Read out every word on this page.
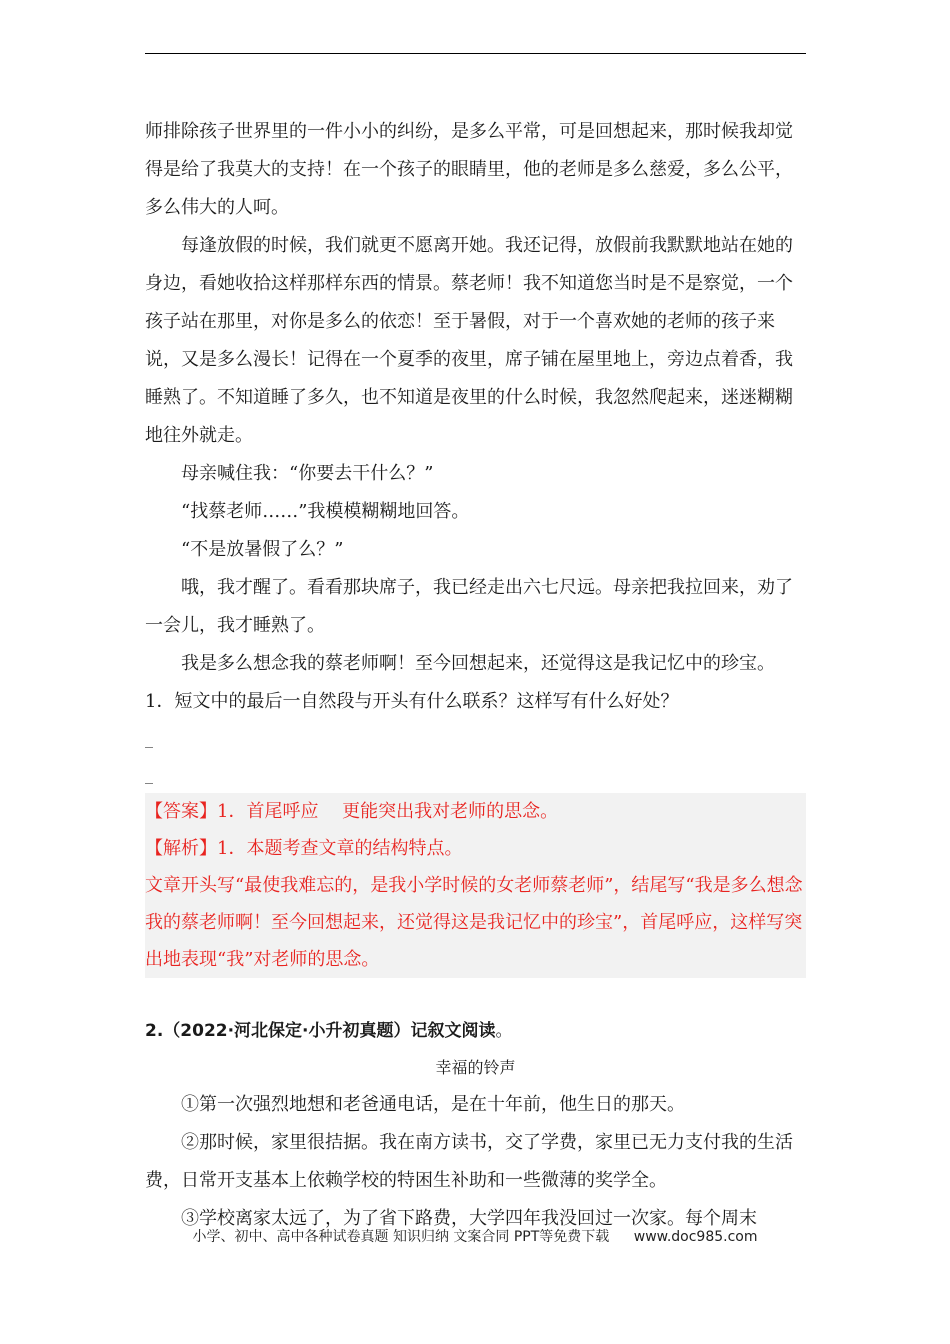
师排除孩子世界里的一件小小的纠纷，是多么平常，可是回想起来，那时候我却觉得是给了我莫大的支持！在一个孩子的眼睛里，他的老师是多么慈爱，多么公平，多么伟大的人呵。

每逢放假的时候，我们就更不愿离开她。我还记得，放假前我默默地站在她的身边，看她收拾这样那样东西的情景。蔡老师！我不知道您当时是不是察觉，一个孩子站在那里，对你是多么的依恋！至于暑假，对于一个喜欢她的老师的孩子来说，又是多么漫长！记得在一个夏季的夜里，席子铺在屋里地上，旁边点着香，我睡熟了。不知道睡了多久，也不知道是夜里的什么时候，我忽然爬起来，迷迷糊糊地往外就走。

母亲喊住我：“你要去干什么？”

“找蔡老师……”我模模糊糊地回答。

“不是放暑假了么？”

哦，我才醒了。看看那块席子，我已经走出六七尺远。母亲把我拉回来，劝了一会儿，我才睡熟了。

我是多么想念我的蔡老师啊！至今回想起来，还觉得这是我记忆中的珍宝。

1．短文中的最后一自然段与开头有什么联系？这样写有什么好处？

_
_

【答案】1．首尾呼应　 更能突出我对老师的思念。

【解析】1．本题考查文章的结构特点。

文章开头写“最使我难忘的，是我小学时候的女老师蔡老师”，结尾写“我是多么想念我的蔡老师啊！至今回想起来，还觉得这是我记忆中的珍宝”，首尾呼应，这样写突出地表现“我”对老师的思念。

2.（2022·河北保定·小升初真题）记叙文阅读。

幸福的铃声

①第一次强烈地想和老爸通电话，是在十年前，他生日的那天。

②那时候，家里很拮据。我在南方读书，交了学费，家里已无力支付我的生活费，日常开支基本上依赖学校的特困生补助和一些微薄的奖学全。

③学校离家太远了，为了省下路费，大学四年我没回过一次家。每个周末

小学、初中、高中各种试卷真题 知识归纳 文案合同 PPT等免费下载 www.doc985.com
